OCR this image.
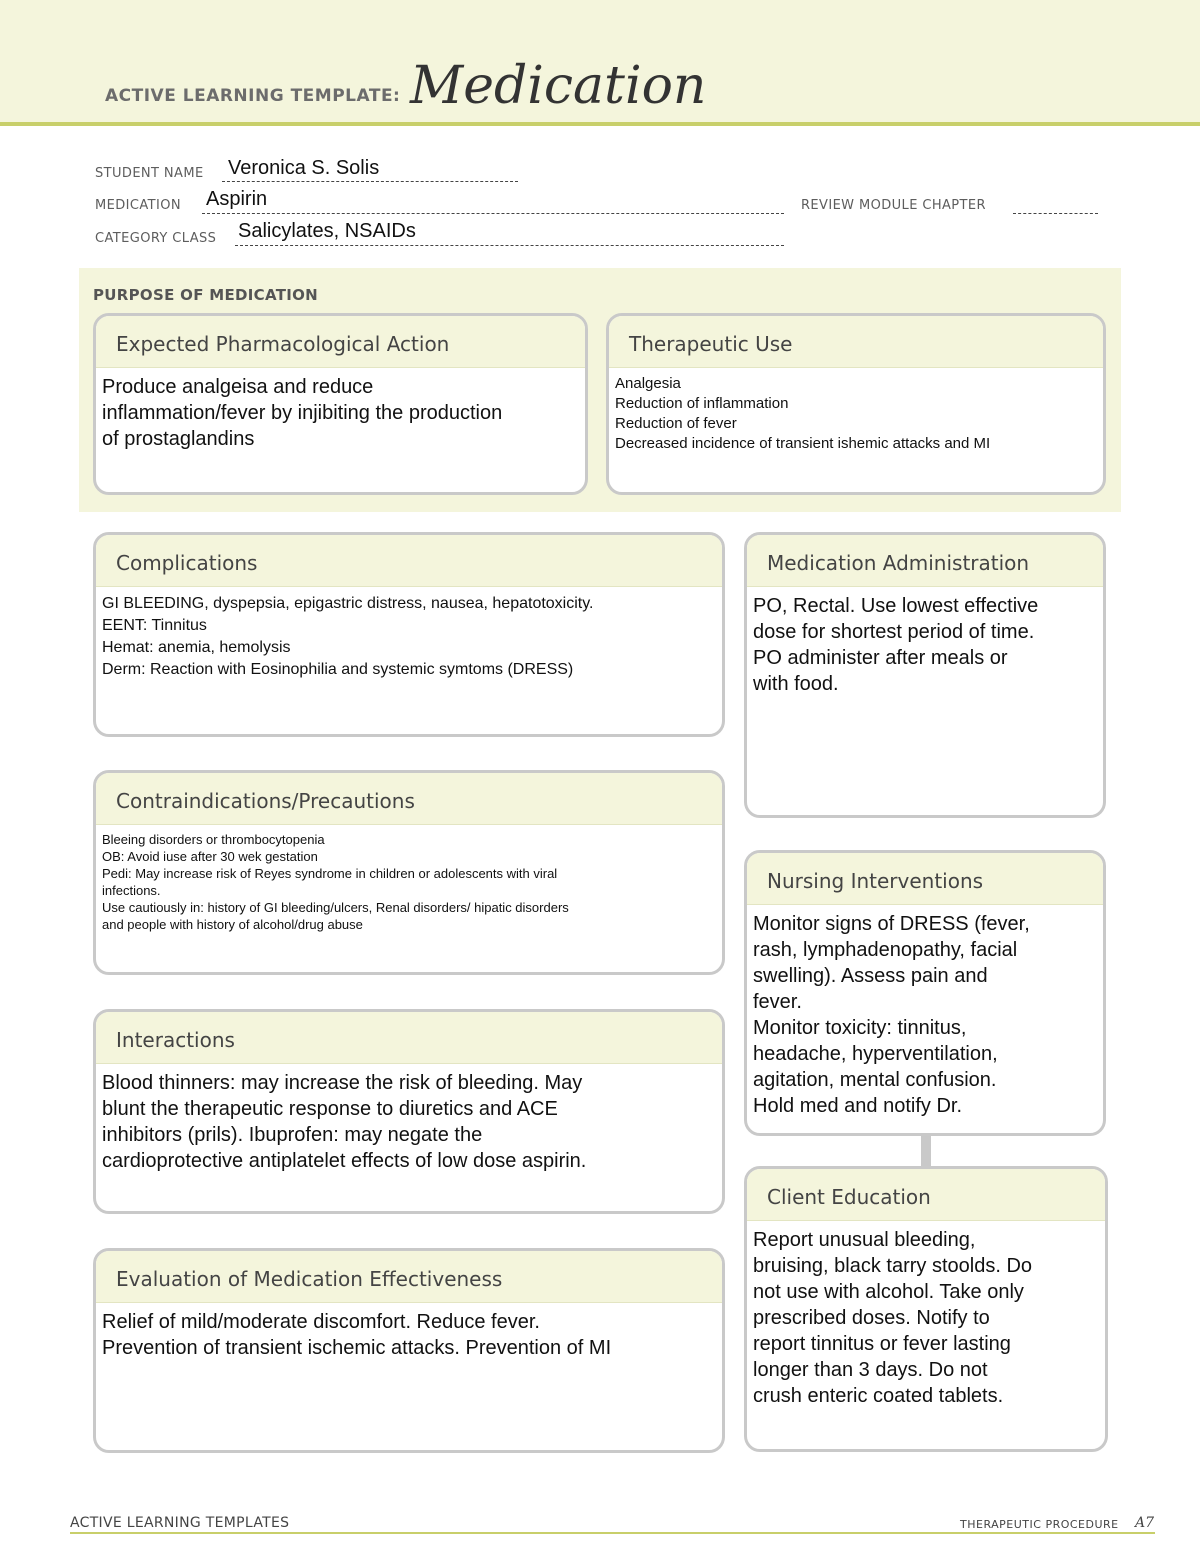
ACTIVE LEARNING TEMPLATE: Medication
STUDENT NAME Veronica S. Solis
MEDICATION Aspirin	REVIEW MODULE CHAPTER
CATEGORY CLASS Salicylates, NSAIDs
PURPOSE OF MEDICATION
Expected Pharmacological Action
Produce analgeisa and reduce
inflammation/fever by injibiting the production
of prostaglandins
Therapeutic Use
Analgesia
Reduction of inflammation
Reduction of fever
Decreased incidence of transient ishemic attacks and MI
Complications
GI BLEEDING, dyspepsia, epigastric distress, nausea, hepatotoxicity.
EENT: Tinnitus
Hemat: anemia, hemolysis
Derm: Reaction with Eosinophilia and systemic symtoms (DRESS)
Medication Administration
PO, Rectal. Use lowest effective
dose for shortest period of time.
PO administer after meals or
with food.
Contraindications/Precautions
Bleeing disorders or thrombocytopenia
OB: Avoid iuse after 30 wek gestation
Pedi: May increase risk of Reyes syndrome in children or adolescents with viral
infections.
Use cautiously in: history of GI bleeding/ulcers, Renal disorders/ hipatic disorders
and people with history of alcohol/drug abuse
Nursing Interventions
Monitor signs of DRESS (fever,
rash, lymphadenopathy, facial
swelling). Assess pain and
fever.
Monitor toxicity: tinnitus,
headache, hyperventilation,
agitation, mental confusion.
Hold med and notify Dr.
Interactions
Blood thinners: may increase the risk of bleeding. May
blunt the therapeutic response to diuretics and ACE
inhibitors (prils). Ibuprofen: may negate the
cardioprotective antiplatelet effects of low dose aspirin.
Client Education
Report unusual bleeding,
bruising, black tarry stoolds. Do
not use with alcohol. Take only
prescribed doses. Notify to
report tinnitus or fever lasting
longer than 3 days. Do not
crush enteric coated tablets.
Evaluation of Medication Effectiveness
Relief of mild/moderate discomfort. Reduce fever.
Prevention of transient ischemic attacks. Prevention of MI
ACTIVE LEARNING TEMPLATES	THERAPEUTIC PROCEDURE A7
